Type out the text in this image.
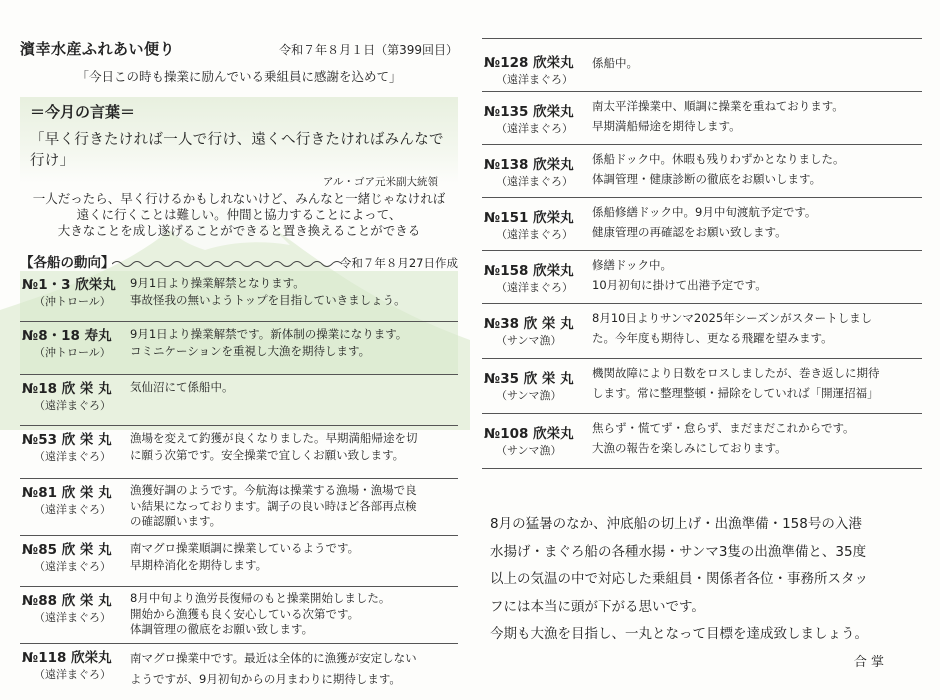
濱幸水産ふれあい便り	令和７年８月１日（第399回目）
「今日この時も操業に励んでいる乗組員に感謝を込めて」
＝今月の言葉＝
「早く行きたければ一人で行け、遠くへ行きたければみんなで行け」
アル・ゴア元米副大統領
一人だったら、早く行けるかもしれないけど、みんなと一緒じゃなければ
遠くに行くことは難しい。仲間と協力することによって、
大きなことを成し遂げることができると置き換えることができる
【各船の動向】	令和７年８月27日作成
№1・3 欣栄丸
（沖トロール）
9月1日より操業解禁となります。
事故怪我の無いようトップを目指していきましょう。
№8・18 寿丸
（沖トロール）
9月1日より操業解禁です。新体制の操業になります。
コミニケーションを重視し大漁を期待します。
№18 欣 栄 丸
（遠洋まぐろ）
気仙沼にて係船中。
№53 欣 栄 丸
（遠洋まぐろ）
漁場を変えて釣獲が良くなりました。早期満船帰途を切
に願う次第です。安全操業で宜しくお願い致します。
№81 欣 栄 丸
（遠洋まぐろ）
漁獲好調のようです。今航海は操業する漁場・漁場で良
い結果になっております。調子の良い時ほど各部再点検
の確認願います。
№85 欣 栄 丸
（遠洋まぐろ）
南マグロ操業順調に操業しているようです。
早期枠消化を期待します。
№88 欣 栄 丸
（遠洋まぐろ）
8月中旬より漁労長復帰のもと操業開始しました。
開始から漁獲も良く安心している次第です。
体調管理の徹底をお願い致します。
№118 欣栄丸
（遠洋まぐろ）
南マグロ操業中です。最近は全体的に漁獲が安定しない
ようですが、9月初旬からの月まわりに期待します。
№128 欣栄丸
（遠洋まぐろ）
係船中。
№135 欣栄丸
（遠洋まぐろ）
南太平洋操業中、順調に操業を重ねております。
早期満船帰途を期待します。
№138 欣栄丸
（遠洋まぐろ）
係船ドック中。休暇も残りわずかとなりました。
体調管理・健康診断の徹底をお願いします。
№151 欣栄丸
（遠洋まぐろ）
係船修繕ドック中。9月中旬渡航予定です。
健康管理の再確認をお願い致します。
№158 欣栄丸
（遠洋まぐろ）
修繕ドック中。
10月初旬に掛けて出港予定です。
№38 欣 栄 丸
（サンマ漁）
8月10日よりサンマ2025年シーズンがスタートしまし
た。今年度も期待し、更なる飛躍を望みます。
№35 欣 栄 丸
（サンマ漁）
機関故障により日数をロスしましたが、巻き返しに期待
します。常に整理整頓・掃除をしていれば「開運招福」
№108 欣栄丸
（サンマ漁）
焦らず・慌てず・怠らず、まだまだこれからです。
大漁の報告を楽しみにしております。

8月の猛暑のなか、沖底船の切上げ・出漁準備・158号の入港

水揚げ・まぐろ船の各種水揚・サンマ3隻の出漁準備と、35度

以上の気温の中で対応した乗組員・関係者各位・事務所スタッ

フには本当に頭が下がる思いです。

今期も大漁を目指し、一丸となって目標を達成致しましょう。

合 掌
